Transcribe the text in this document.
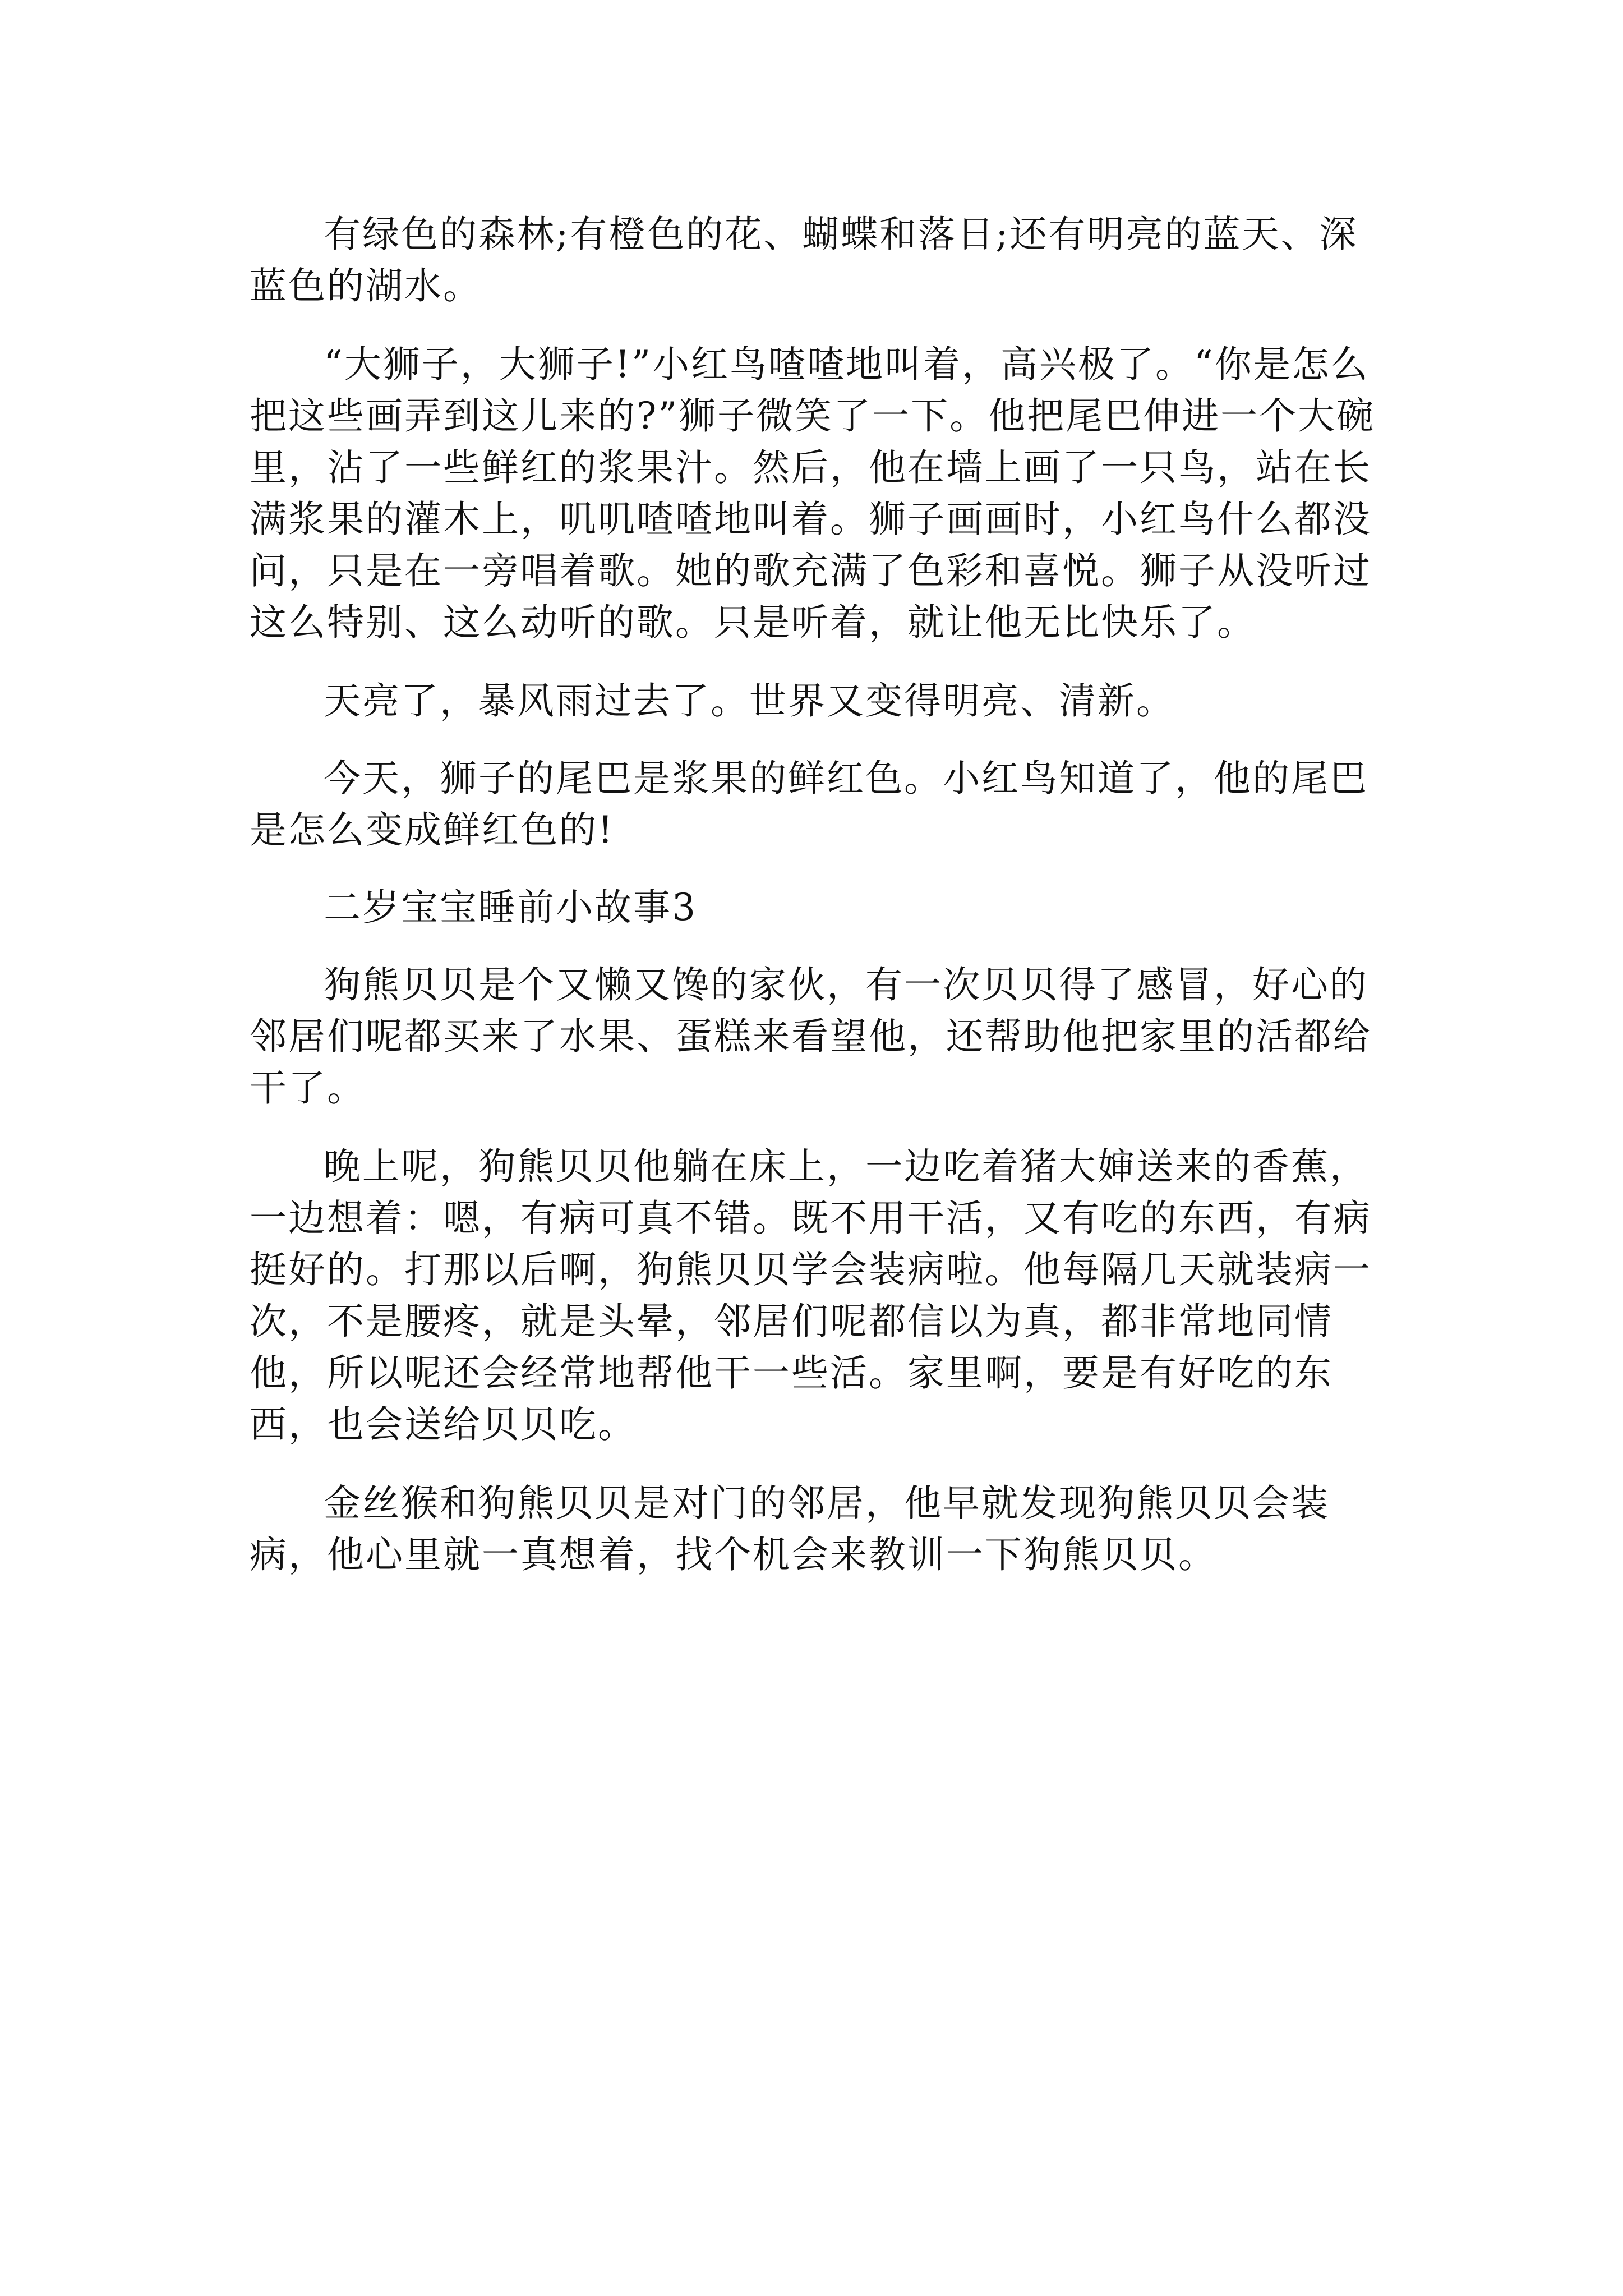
有绿色的森林;有橙色的花、蝴蝶和落日;还有明亮的蓝天、深蓝色的湖水。

“大狮子，大狮子!”小红鸟喳喳地叫着，高兴极了。“你是怎么把这些画弄到这儿来的?”狮子微笑了一下。他把尾巴伸进一个大碗里，沾了一些鲜红的浆果汁。然后，他在墙上画了一只鸟，站在长满浆果的灌木上，叽叽喳喳地叫着。狮子画画时，小红鸟什么都没问，只是在一旁唱着歌。她的歌充满了色彩和喜悦。狮子从没听过这么特别、这么动听的歌。只是听着，就让他无比快乐了。

天亮了，暴风雨过去了。世界又变得明亮、清新。

今天，狮子的尾巴是浆果的鲜红色。小红鸟知道了，他的尾巴是怎么变成鲜红色的!

二岁宝宝睡前小故事3

狗熊贝贝是个又懒又馋的家伙，有一次贝贝得了感冒，好心的邻居们呢都买来了水果、蛋糕来看望他，还帮助他把家里的活都给干了。

晚上呢，狗熊贝贝他躺在床上，一边吃着猪大婶送来的香蕉，一边想着：嗯，有病可真不错。既不用干活，又有吃的东西，有病挺好的。打那以后啊，狗熊贝贝学会装病啦。他每隔几天就装病一次，不是腰疼，就是头晕，邻居们呢都信以为真，都非常地同情他，所以呢还会经常地帮他干一些活。家里啊，要是有好吃的东西，也会送给贝贝吃。

金丝猴和狗熊贝贝是对门的邻居，他早就发现狗熊贝贝会装病，他心里就一真想着，找个机会来教训一下狗熊贝贝。
